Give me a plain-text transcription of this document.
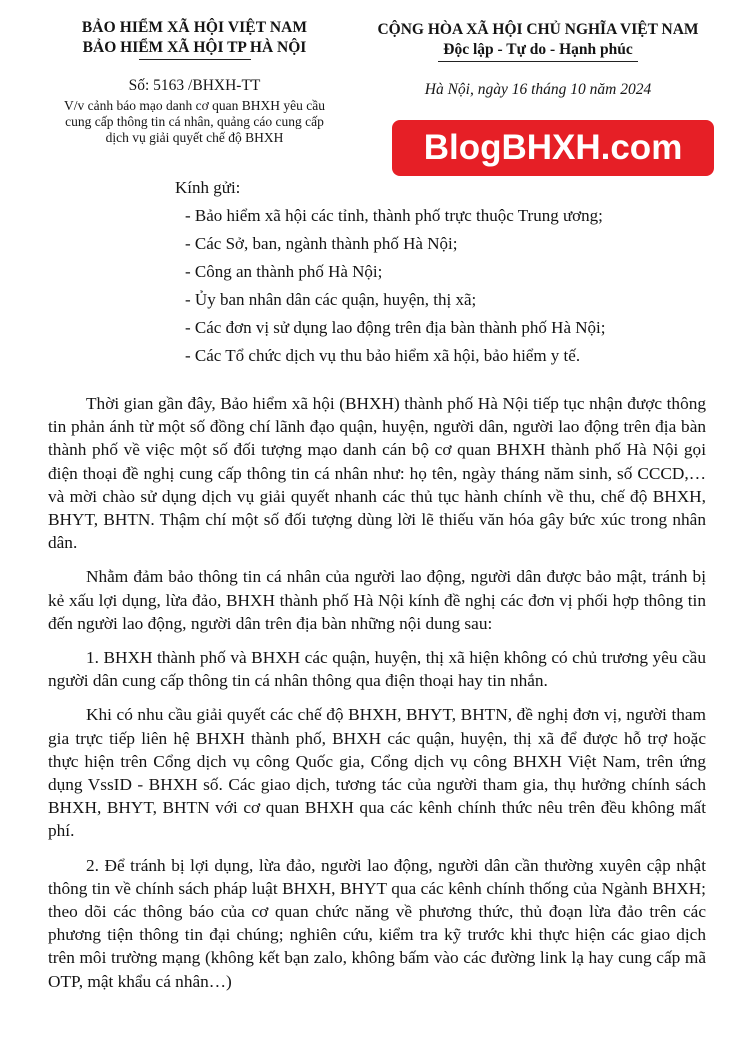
BẢO HIỂM XÃ HỘI VIỆT NAM
BẢO HIỂM XÃ HỘI TP HÀ NỘI
Số: 5163 /BHXH-TT
V/v cảnh báo mạo danh cơ quan BHXH yêu cầu cung cấp thông tin cá nhân, quảng cáo cung cấp dịch vụ giải quyết chế độ BHXH
CỘNG HÒA XÃ HỘI CHỦ NGHĨA VIỆT NAM
Độc lập - Tự do - Hạnh phúc
Hà Nội, ngày 16 tháng 10 năm 2024
BlogBHXH.com
Kính gửi:
- Bảo hiểm xã hội các tỉnh, thành phố trực thuộc Trung ương;
- Các Sở, ban, ngành thành phố Hà Nội;
- Công an thành phố Hà Nội;
- Ủy ban nhân dân các quận, huyện, thị xã;
- Các đơn vị sử dụng lao động trên địa bàn thành phố Hà Nội;
- Các Tổ chức dịch vụ thu bảo hiểm xã hội, bảo hiểm y tế.

Thời gian gần đây, Bảo hiểm xã hội (BHXH) thành phố Hà Nội tiếp tục nhận được thông tin phản ánh từ một số đồng chí lãnh đạo quận, huyện, người dân, người lao động trên địa bàn thành phố về việc một số đối tượng mạo danh cán bộ cơ quan BHXH thành phố Hà Nội gọi điện thoại đề nghị cung cấp thông tin cá nhân như: họ tên, ngày tháng năm sinh, số CCCD,…và mời chào sử dụng dịch vụ giải quyết nhanh các thủ tục hành chính về thu, chế độ BHXH, BHYT, BHTN. Thậm chí một số đối tượng dùng lời lẽ thiếu văn hóa gây bức xúc trong nhân dân.

Nhằm đảm bảo thông tin cá nhân của người lao động, người dân được bảo mật, tránh bị kẻ xấu lợi dụng, lừa đảo, BHXH thành phố Hà Nội kính đề nghị các đơn vị phối hợp thông tin đến người lao động, người dân trên địa bàn những nội dung sau:

1. BHXH thành phố và BHXH các quận, huyện, thị xã hiện không có chủ trương yêu cầu người dân cung cấp thông tin cá nhân thông qua điện thoại hay tin nhắn.

Khi có nhu cầu giải quyết các chế độ BHXH, BHYT, BHTN, đề nghị đơn vị, người tham gia trực tiếp liên hệ BHXH thành phố, BHXH các quận, huyện, thị xã để được hỗ trợ hoặc thực hiện trên Cổng dịch vụ công Quốc gia, Cổng dịch vụ công BHXH Việt Nam, trên ứng dụng VssID - BHXH số. Các giao dịch, tương tác của người tham gia, thụ hưởng chính sách BHXH, BHYT, BHTN với cơ quan BHXH qua các kênh chính thức nêu trên đều không mất phí.

2. Để tránh bị lợi dụng, lừa đảo, người lao động, người dân cần thường xuyên cập nhật thông tin về chính sách pháp luật BHXH, BHYT qua các kênh chính thống của Ngành BHXH; theo dõi các thông báo của cơ quan chức năng về phương thức, thủ đoạn lừa đảo trên các phương tiện thông tin đại chúng; nghiên cứu, kiểm tra kỹ trước khi thực hiện các giao dịch trên môi trường mạng (không kết bạn zalo, không bấm vào các đường link lạ hay cung cấp mã OTP, mật khẩu cá nhân…)
